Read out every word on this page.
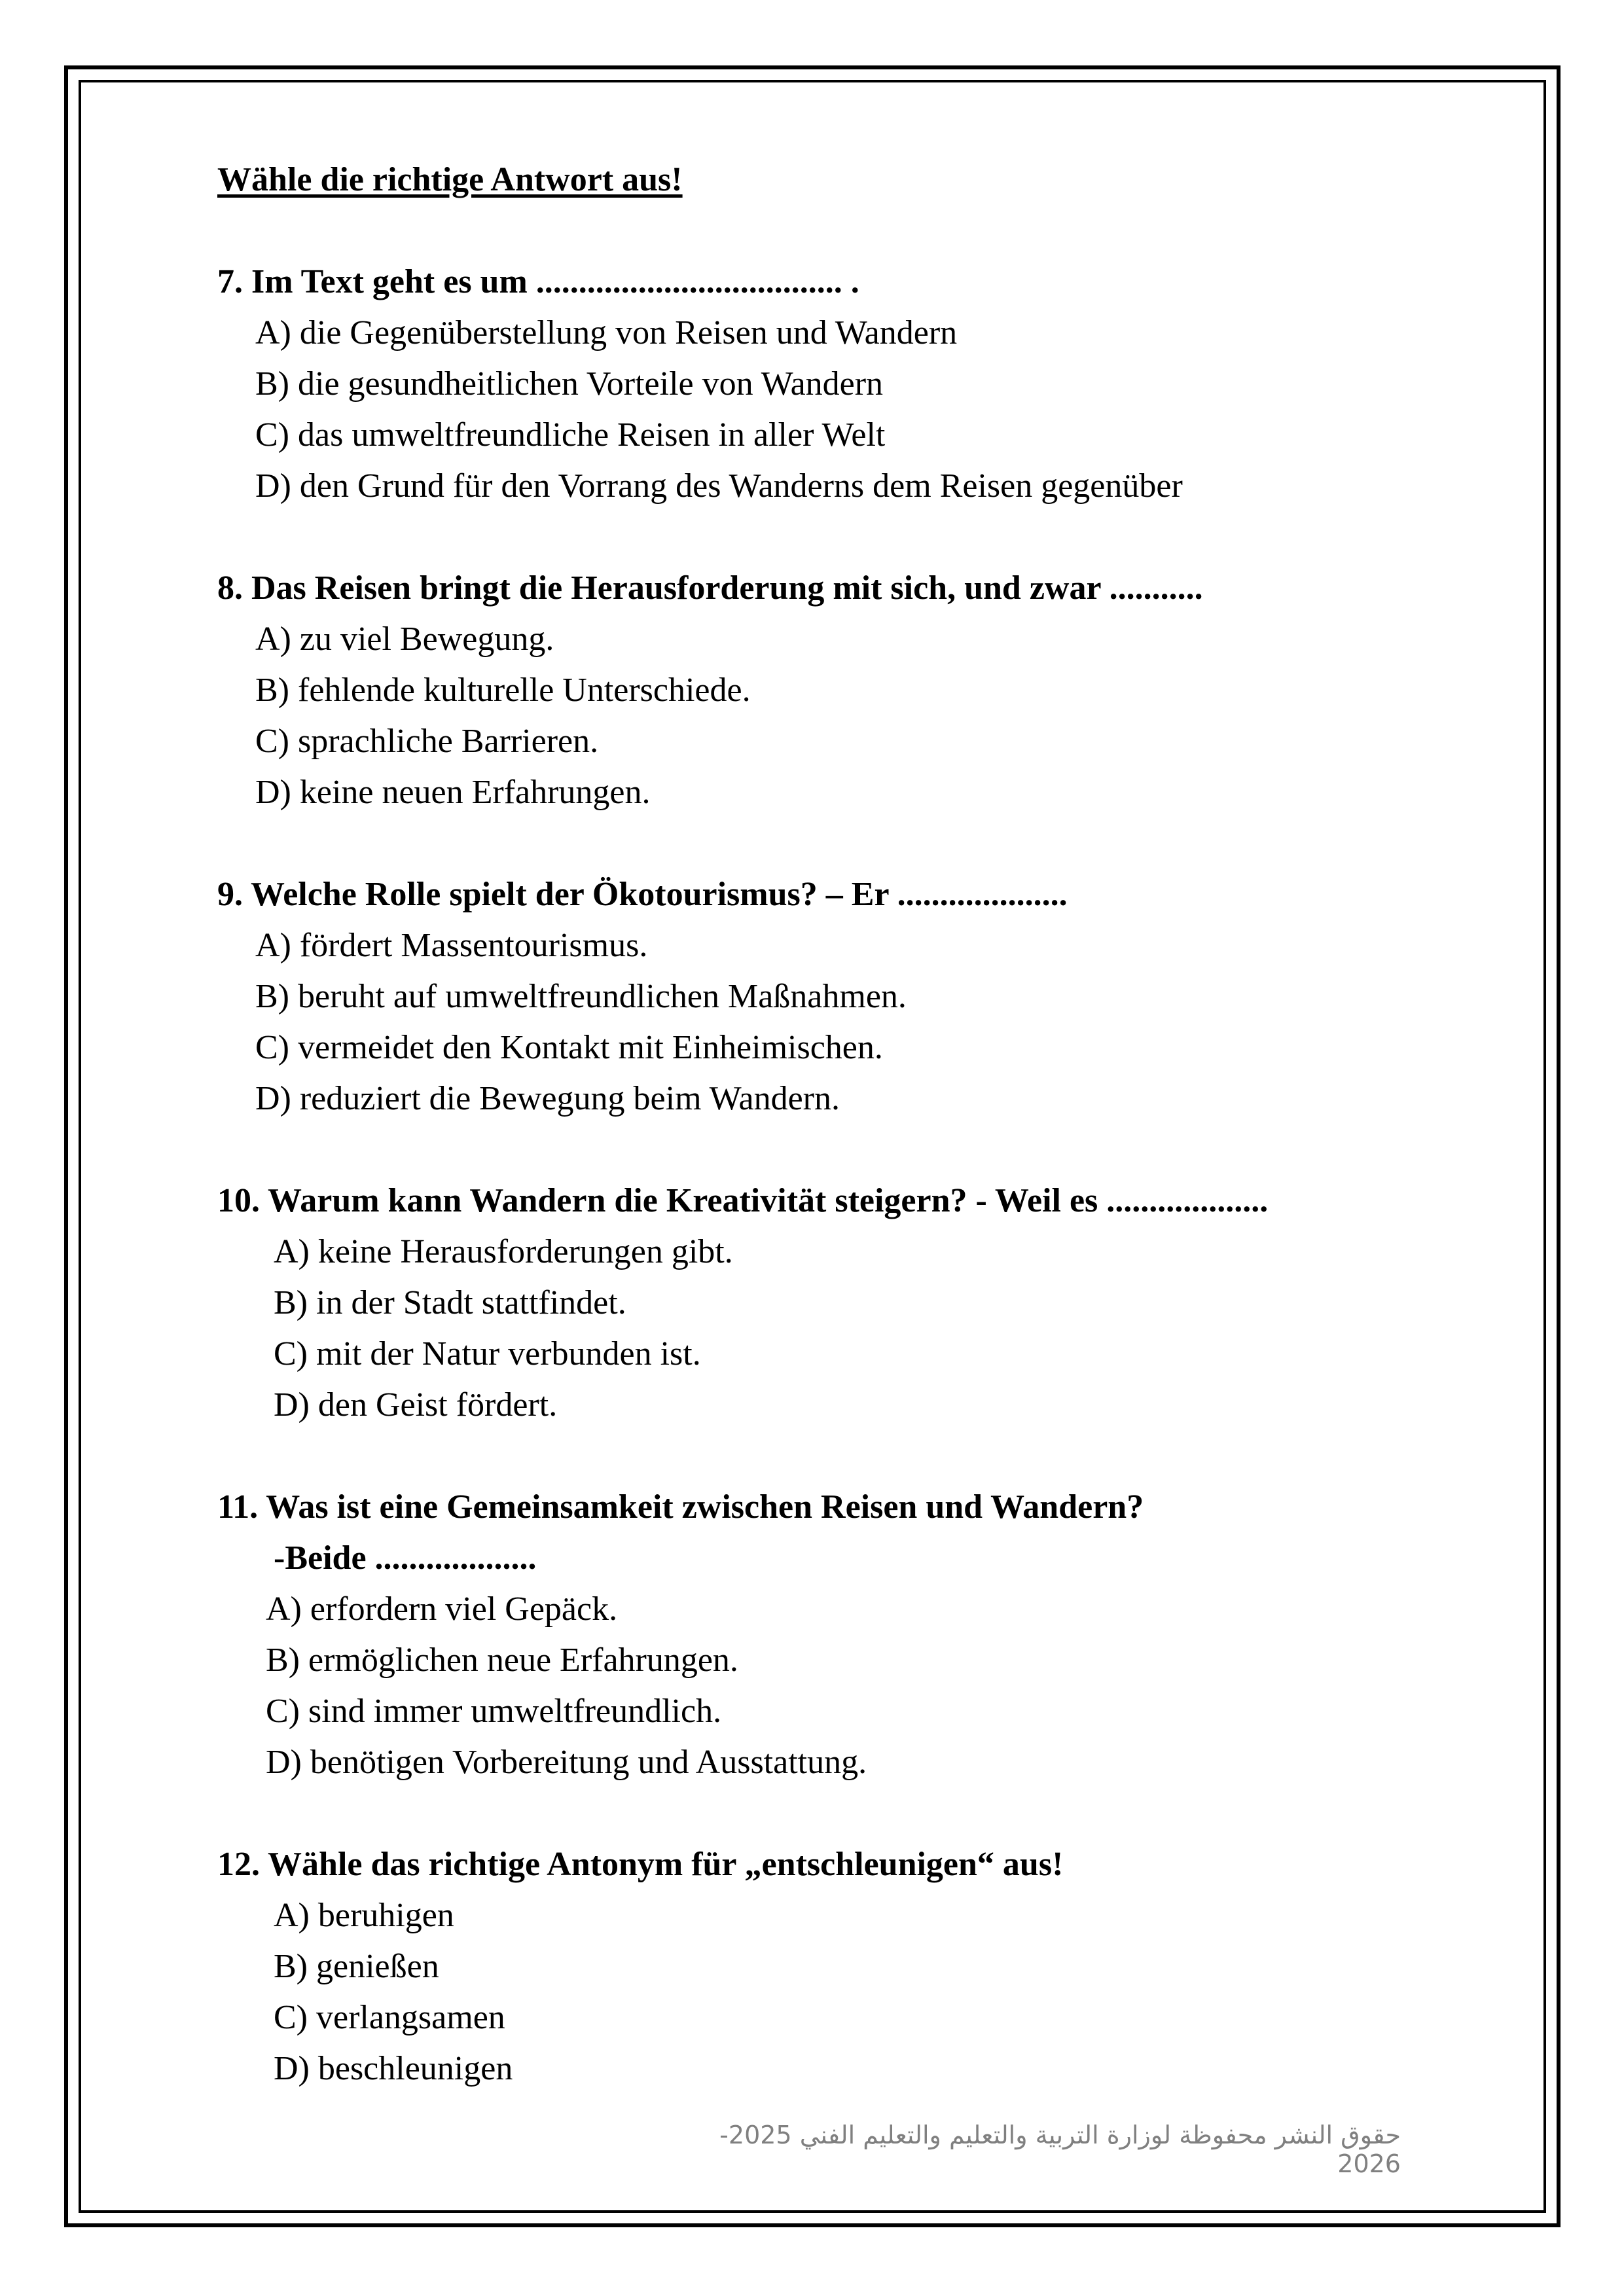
Wähle die richtige Antwort aus!
7. Im Text geht es um .................................... .
A) die Gegenüberstellung von Reisen und Wandern
B) die gesundheitlichen Vorteile von Wandern
C) das umweltfreundliche Reisen in aller Welt
D) den Grund für den Vorrang des Wanderns dem Reisen gegenüber
8. Das Reisen bringt die Herausforderung mit sich, und zwar ...........
A) zu viel Bewegung.
B) fehlende kulturelle Unterschiede.
C) sprachliche Barrieren.
D) keine neuen Erfahrungen.
9. Welche Rolle spielt der Ökotourismus? – Er ....................
A) fördert Massentourismus.
B) beruht auf umweltfreundlichen Maßnahmen.
C) vermeidet den Kontakt mit Einheimischen.
D) reduziert die Bewegung beim Wandern.
10. Warum kann Wandern die Kreativität steigern? - Weil es ...................
A) keine Herausforderungen gibt.
B) in der Stadt stattfindet.
C) mit der Natur verbunden ist.
D) den Geist fördert.
11. Was ist eine Gemeinsamkeit zwischen Reisen und Wandern?
-Beide ...................
A) erfordern viel Gepäck.
B) ermöglichen neue Erfahrungen.
C) sind immer umweltfreundlich.
D) benötigen Vorbereitung und Ausstattung.
12. Wähle das richtige Antonym für „entschleunigen“ aus!
A) beruhigen
B) genießen
C) verlangsamen
D) beschleunigen
حقوق النشر محفوظة لوزارة التربية والتعليم والتعليم الفني 2025-2026
